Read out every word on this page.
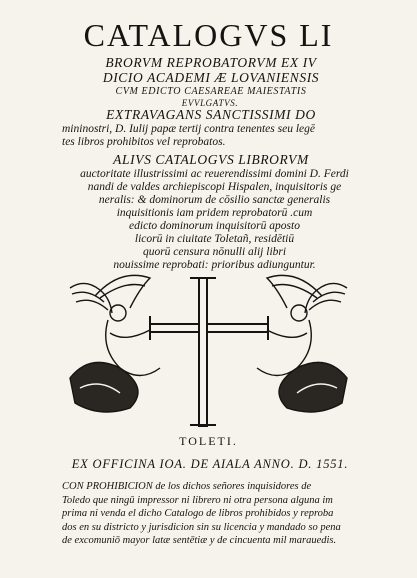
CATALOGVS LI
BRORVM REPROBATORVM EX IV
DICIO ACADEMI Æ LOVANIENSIS
CVM EDICTO CAESAREAE MAIESTATIS
EVVLGATVS.
EXTRAVAGANS SANCTISSIMI DO
mininostri, D. Iulij papæ tertij contra tenentes seu legē
tes libros prohibitos vel reprobatos.
ALIVS CATALOGVS LIBRORVM
auctoritate illustrissimi ac reuerendissimi domini D. Ferdi
nandi de valdes archiepiscopi Hispalen, inquisitoris ge
neralis: & dominorum de cōsilio sanctæ generalis
inquisitionis iam pridem reprobatorū .cum
edicto dominorum inquisitorū aposto
licorū in ciuitate Toletañ, residētiū
quorū censura nōnulli alij libri
nouissime reprobati: prioribus adiunguntur.
TOLETI.
EX OFFICINA IOA. DE AIALA ANNO. D. 1551.
CON PROHIBICION de los dichos señores inquisidores de
Toledo que ningū impressor ni librero ni otra persona alguna im
prima ni venda el dicho Catalogo de libros prohibidos y reproba
dos en su districto y jurisdicion sin su licencia y mandado so pena
de excomuniō mayor latæ sentētiæ y de cincuenta mil marauedis.
